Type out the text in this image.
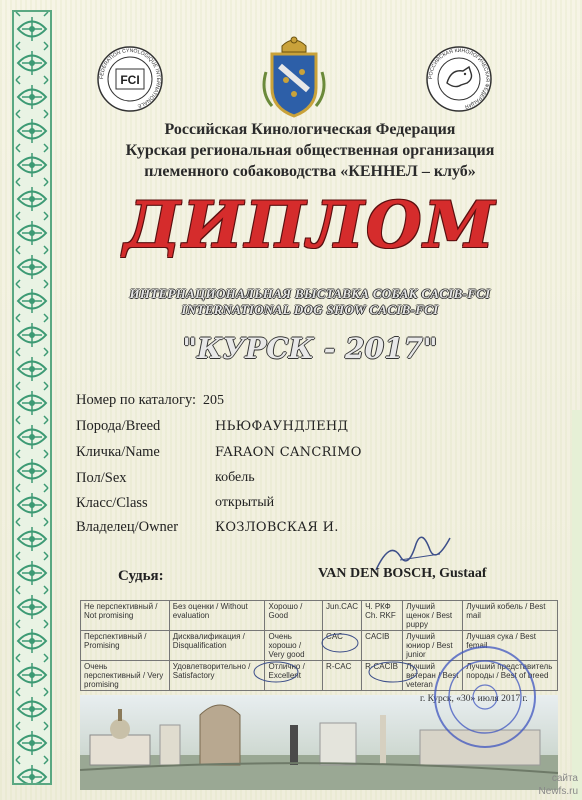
FCI
FEDERATION CYNOLOGIQUE INTERNATIONALE
РОССИЙСКАЯ КИНОЛОГИЧЕСКАЯ ФЕДЕРАЦИЯ
Российская Кинологическая Федерация
Курская региональная общественная организация
племенного собаководства «КЕННЕЛ – клуб»
ДИПЛОМ
ИНТЕРНАЦИОНАЛЬНАЯ ВЫСТАВКА СОБАК CACIB-FCI
INTERNATIONAL DOG SHOW CACIB-FCI
"КУРСК - 2017"
Номер по каталогу: 205
Порода/Breed	НЬЮФАУНДЛЕНД
Кличка/Name	FARAON CANCRIMO
Пол/Sex	кобель
Класс/Class	открытый
Владелец/Owner	КОЗЛОВСКАЯ И.
Судья:	VAN DEN BOSCH, Gustaaf
Не перспективный / Not promising	Без оценки / Without evaluation	Хорошо / Good	Jun.CAC	Ч. РКФ Ch. RKF	Лучший щенок / Best puppy	Лучший кобель / Best mail
Перспективный / Promising	Дисквалификация / Disqualification	Очень хорошо / Very good	CAC	CACIB	Лучший юниор / Best junior	Лучшая сука / Best femail
Очень перспективный / Very promising	Удовлетворительно / Satisfactory	Отлично / Excellent	R-CAC	R-CACIB	Лучший ветеран / Best veteran	Лучший представитель породы / Best of breed
г. Курск, «30» июля 2017 г.
сайта
Newfs.ru
